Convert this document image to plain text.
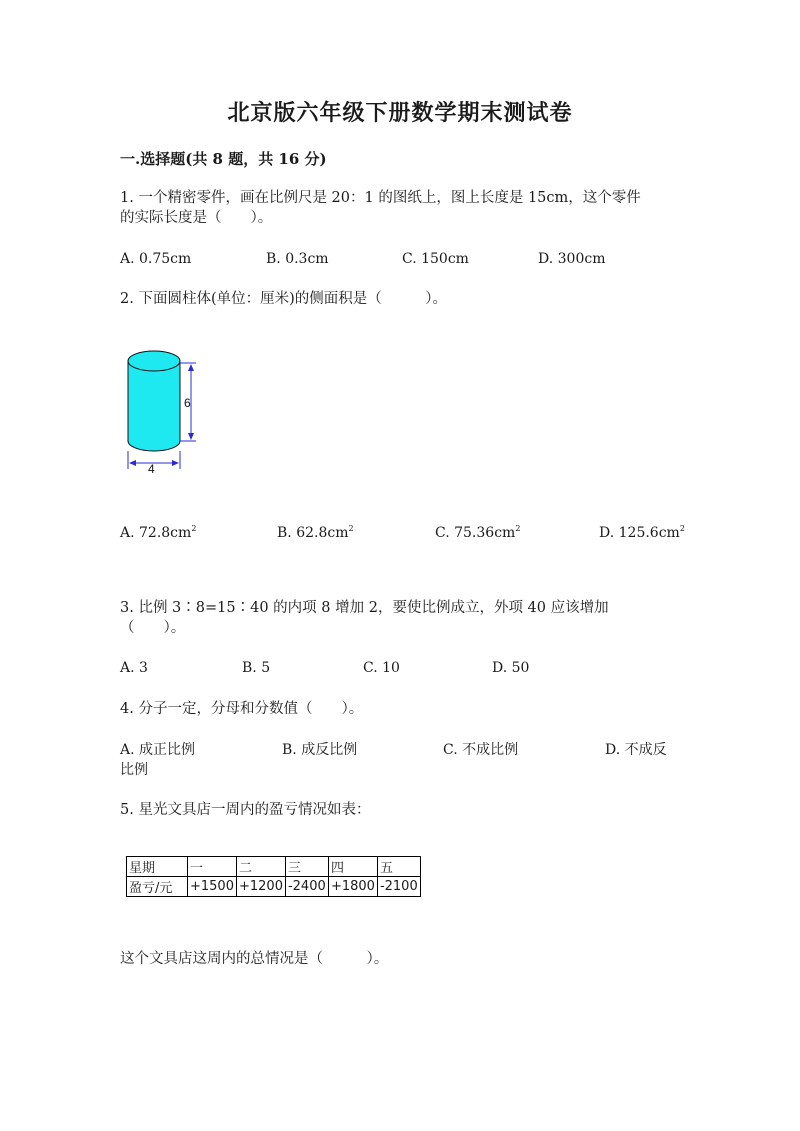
北京版六年级下册数学期末测试卷
一.选择题(共 8 题，共 16 分)
1. 一个精密零件，画在比例尺是 20：1 的图纸上，图上长度是 15cm，这个零件
的实际长度是（　　）。
A. 0.75cm	B. 0.3cm	C. 150cm	D. 300cm
2. 下面圆柱体(单位：厘米)的侧面积是（　　　）。
6
4
A. $72.8cm^2$	B. $62.8cm^2$	C. $75.36cm^2$	D. $125.6cm^2$
3. 比例 3∶8=15∶40 的内项 8 增加 2，要使比例成立，外项 40 应该增加
（　　）。
A. 3	B. 5	C. 10	D. 50
4. 分子一定，分母和分数值（　　）。
A. 成正比例	B. 成反比例	C. 不成比例	D. 不成反
比例
5. 星光文具店一周内的盈亏情况如表：
星期	一	二	三	四	五
盈亏/元	+1500	+1200	-2400	+1800	-2100
这个文具店这周内的总情况是（　　　）。
